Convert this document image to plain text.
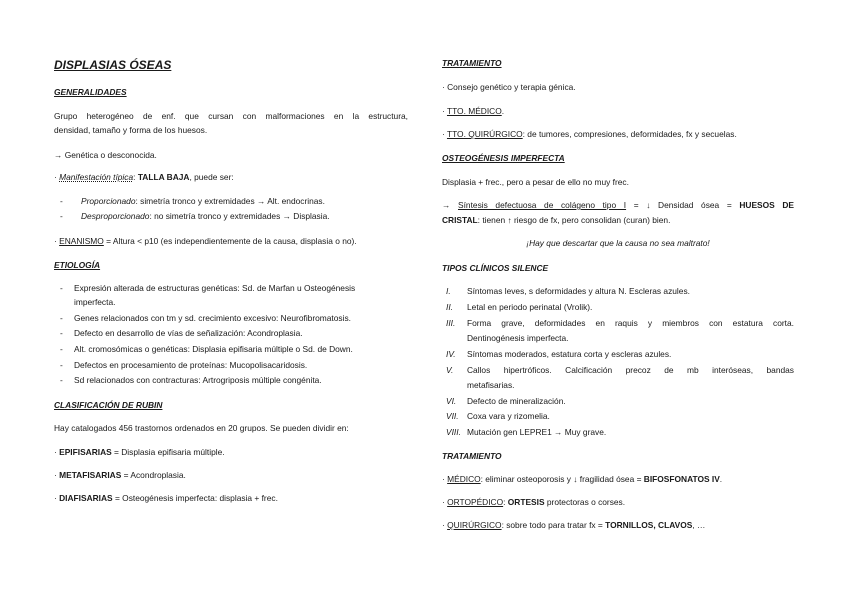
DISPLASIAS ÓSEAS
GENERALIDADES
Grupo heterogéneo de enf. que cursan con malformaciones en la estructura,
densidad, tamaño y forma de los huesos.
→ Genética o desconocida.
· Manifestación típica: TALLA BAJA, puede ser:
- Proporcionado: simetría tronco y extremidades → Alt. endocrinas.
- Desproporcionado: no simetría tronco y extremidades → Displasia.
· ENANISMO = Altura < p10 (es independientemente de la causa, displasia o no).
ETIOLOGÍA
- Expresión alterada de estructuras genéticas: Sd. de Marfan u Osteogénesis
imperfecta.
- Genes relacionados con tm y sd. crecimiento excesivo: Neurofibromatosis.
- Defecto en desarrollo de vías de señalización: Acondroplasia.
- Alt. cromosómicas o genéticas: Displasia epifisaria múltiple o Sd. de Down.
- Defectos en procesamiento de proteínas: Mucopolisacaridosis.
- Sd relacionados con contracturas: Artrogriposis múltiple congénita.
CLASIFICACIÓN DE RUBIN
Hay catalogados 456 trastornos ordenados en 20 grupos. Se pueden dividir en:
· EPIFISARIAS = Displasia epifisaria múltiple.
· METAFISARIAS = Acondroplasia.
· DIAFISARIAS = Osteogénesis imperfecta: displasia + frec.
TRATAMIENTO
· Consejo genético y terapia génica.
· TTO. MÉDICO.
· TTO. QUIRÚRGICO: de tumores, compresiones, deformidades, fx y secuelas.
OSTEOGÉNESIS IMPERFECTA
Displasia + frec., pero a pesar de ello no muy frec.
→ Síntesis defectuosa de colágeno tipo I = ↓ Densidad ósea = HUESOS DE
CRISTAL: tienen ↑ riesgo de fx, pero consolidan (curan) bien.
¡Hay que descartar que la causa no sea maltrato!
TIPOS CLÍNICOS SILENCE
I. Síntomas leves, s deformidades y altura N. Escleras azules.
II. Letal en periodo perinatal (Vrolik).
III. Forma grave, deformidades en raquis y miembros con estatura corta.
Dentinogénesis imperfecta.
IV. Síntomas moderados, estatura corta y escleras azules.
V. Callos hipertróficos. Calcificación precoz de mb interóseas, bandas
metafisarias.
VI. Defecto de mineralización.
VII. Coxa vara y rizomelia.
VIII. Mutación gen LEPRE1 → Muy grave.
TRATAMIENTO
· MÉDICO: eliminar osteoporosis y ↓ fragilidad ósea = BIFOSFONATOS IV.
· ORTOPÉDICO: ORTESIS protectoras o corses.
· QUIRÚRGICO: sobre todo para tratar fx = TORNILLOS, CLAVOS, …
